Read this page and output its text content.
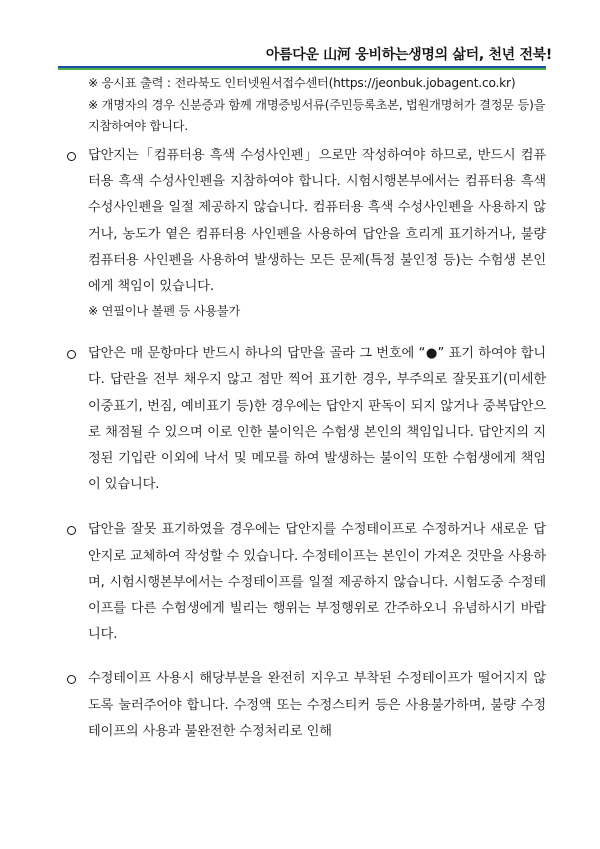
아름다운 山河 웅비하는생명의 삶터, 천년 전북!
※ 응시표 출력 : 전라북도 인터넷원서접수센터(https://jeonbuk.jobagent.co.kr)
※ 개명자의 경우 신분증과 함께 개명증빙서류(주민등록초본, 법원개명허가 결정문 등)을 지참하여야 합니다.
답안지는「컴퓨터용 흑색 수성사인펜」으로만 작성하여야 하므로, 반드시 컴퓨터용 흑색 수성사인펜을 지참하여야 합니다. 시험시행본부에서는 컴퓨터용 흑색 수성사인펜을 일절 제공하지 않습니다. 컴퓨터용 흑색 수성사인펜을 사용하지 않거나, 농도가 옅은 컴퓨터용 사인펜을 사용하여 답안을 흐리게 표기하거나, 불량 컴퓨터용 사인펜을 사용하여 발생하는 모든 문제(특정 불인정 등)는 수험생 본인에게 책임이 있습니다.
※ 연필이나 볼펜 등 사용불가
답안은 매 문항마다 반드시 하나의 답만을 골라 그 번호에 “●” 표기 하여야 합니다. 답란을 전부 채우지 않고 점만 찍어 표기한 경우, 부주의로 잘못표기(미세한 이중표기, 번짐, 예비표기 등)한 경우에는 답안지 판독이 되지 않거나 중복답안으로 채점될 수 있으며 이로 인한 불이익은 수험생 본인의 책임입니다. 답안지의 지정된 기입란 이외에 낙서 및 메모를 하여 발생하는 불이익 또한 수험생에게 책임이 있습니다.
답안을 잘못 표기하였을 경우에는 답안지를 수정테이프로 수정하거나 새로운 답안지로 교체하여 작성할 수 있습니다. 수정테이프는 본인이 가져온 것만을 사용하며, 시험시행본부에서는 수정테이프를 일절 제공하지 않습니다. 시험도중 수정테이프를 다른 수험생에게 빌리는 행위는 부정행위로 간주하오니 유념하시기 바랍니다.
수정테이프 사용시 해당부분을 완전히 지우고 부착된 수정테이프가 떨어지지 않도록 눌러주어야 합니다. 수정액 또는 수정스티커 등은 사용불가하며, 불량 수정테이프의 사용과 불완전한 수정처리로 인해
